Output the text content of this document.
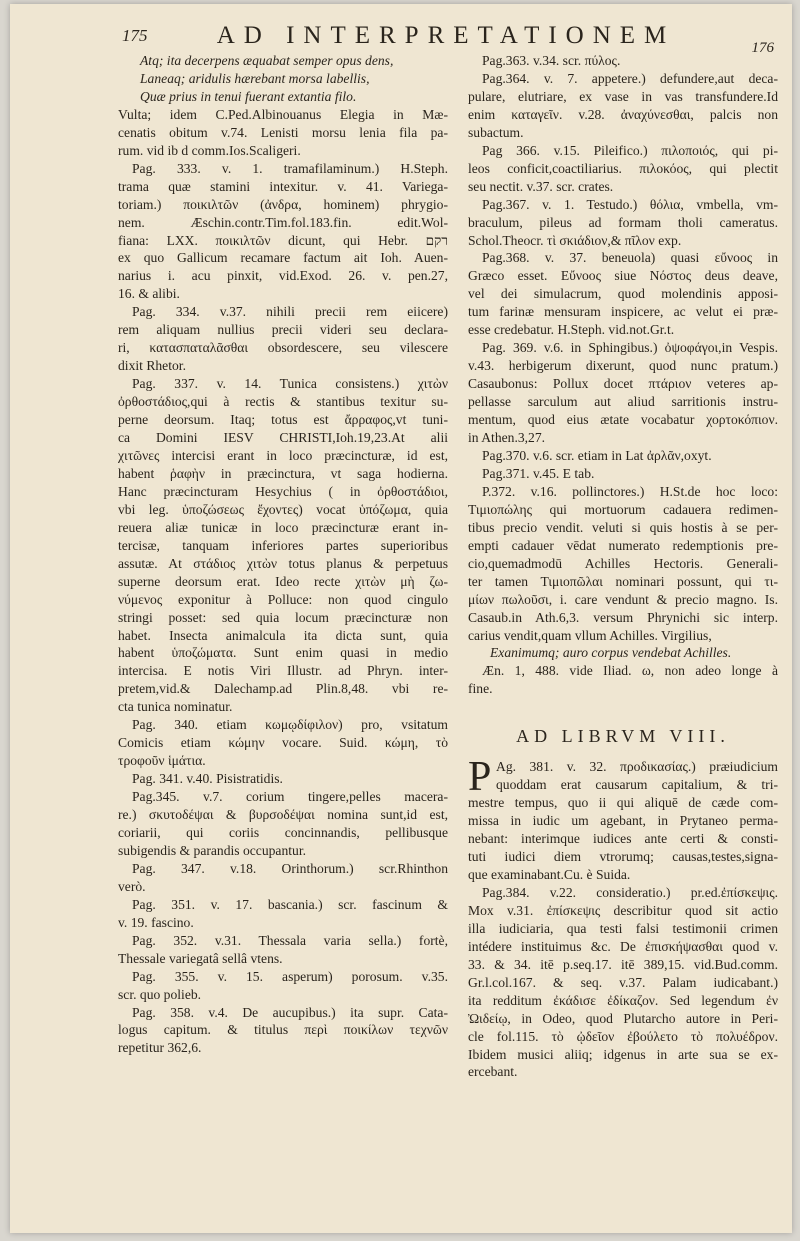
175	AD INTERPRETATIONEM	176
Atq; ita decerpens æquabat semper opus dens,
Laneaq; aridulis hærebant morsa labellis,
Quæ prius in tenui fuerant extantia filo.
Vulta; idem C.Ped.Albinouanus Elegia in Mæ-
cenatis obitum v.74. Lenisti morsu lenia fila pa-
rum. vid ib d comm.Ios.Scaligeri.
Pag. 333. v. 1. tramafilaminum.) H.Steph.
trama quæ stamini intexitur. v. 41. Variega-
toriam.) ποικιλτῶν (ἀνδρα, hominem) phrygio-
nem. Æschin.contr.Tim.fol.183.fin. edit.Wol-
fiana: LXX. ποικιλτῶν dicunt, qui Hebr. רקם
ex quo Gallicum recamare factum ait Ioh. Auen-
narius i. acu pinxit, vid.Exod. 26. v. pen.27,
16. & alibi.
Pag. 334. v.37. nihili precii rem eiicere)
rem aliquam nullius precii videri seu declara-
ri, κατασπαταλᾶσθαι obsordescere, seu vilescere
dixit Rhetor.
Pag. 337. v. 14. Tunica consistens.) χιτὼν
ὀρθοστάδιος,qui à rectis & stantibus texitur su-
perne deorsum. Itaq; totus est ἄρραφος,vt tuni-
ca Domini IESV CHRISTI,Ioh.19,23.At alii
χιτῶνες intercisi erant in loco præcincturæ, id est,
habent ῥαφὴν in præcinctura, vt saga hodierna.
Hanc præcincturam Hesychius ( in ὀρθοστάδιοι,
vbi leg. ὑποζώσεως ἔχοντες) vocat ὑπόζωμα, quia
reuera aliæ tunicæ in loco præcincturæ erant in-
tercisæ, tanquam inferiores partes superioribus
assutæ. At στάδιος χιτὼν totus planus & perpetuus
superne deorsum erat. Ideo recte χιτὼν μὴ ζω-
νύμενος exponitur à Polluce: non quod cingulo
stringi posset: sed quia locum præcincturæ non
habet. Insecta animalcula ita dicta sunt, quia
habent ὑποζώματα. Sunt enim quasi in medio
intercisa. E notis Viri Illustr. ad Phryn. inter-
pretem,vid.& Dalechamp.ad Plin.8,48. vbi re-
cta tunica nominatur.
Pag. 340. etiam κωμῳδίφιλον) pro, vsitatum
Comicis etiam κώμην vocare. Suid. κώμη, τὸ
τροφοῦν ἱμάτια.
Pag. 341. v.40. Pisistratidis.
Pag.345. v.7. corium tingere,pelles macera-
re.) σκυτοδέψαι & βυρσοδέψαι nomina sunt,id est,
coriarii, qui coriis concinnandis, pellibusque
subigendis & parandis occupantur.
Pag. 347. v.18. Orinthorum.) scr.Rhinthon
verò.
Pag. 351. v. 17. bascania.) scr. fascinum &
v. 19. fascino.
Pag. 352. v.31. Thessala varia sella.) fortè,
Thessale variegatâ sellâ vtens.
Pag. 355. v. 15. asperum) porosum. v.35.
scr. quo polieb.
Pag. 358. v.4. De aucupibus.) ita supr. Cata-
logus capitum. & titulus περὶ ποικίλων τεχνῶν
repetitur 362,6.
Pag.363. v.34. scr. πύλος.
Pag.364. v. 7. appetere.) defundere,aut deca-
pulare, elutriare, ex vase in vas transfundere.Id
enim καταγεῖν. v.28. ἀναχύνεσθαι, palcis non
subactum.
Pag 366. v.15. Pileifico.) πιλοποιός, qui pi-
leos conficit,coactiliarius. πιλοκόος, qui plectit
seu nectit. v.37. scr. crates.
Pag.367. v. 1. Testudo.) θόλια, vmbella, vm-
braculum, pileus ad formam tholi cameratus.
Schol.Theocr. τὶ σκιάδιον,& πῖλον exp.
Pag.368. v. 37. beneuola) quasi εὔνοος in
Græco esset. Εὔνοος siue Νόστος deus deave,
vel dei simulacrum, quod molendinis apposi-
tum farinæ mensuram inspicere, ac velut ei præ-
esse credebatur. H.Steph. vid.not.Gr.t.
Pag. 369. v.6. in Sphingibus.) ὀψοφάγοι,in Vespis.
v.43. herbigerum dixerunt, quod nunc pratum.)
Casaubonus: Pollux docet πτάριον veteres ap-
pellasse sarculum aut aliud sarritionis instru-
mentum, quod eius ætate vocabatur χορτοκόπιον.
in Athen.3,27.
Pag.370. v.6. scr. etiam in Lat ἀρλᾶν,oxyt.
Pag.371. v.45. E tab.
P.372. v.16. pollinctores.) H.St.de hoc loco:
Τιμιοπώλης qui mortuorum cadauera redimen-
tibus precio vendit. veluti si quis hostis à se per-
empti cadauer vēdat numerato redemptionis pre-
cio,quemadmodū Achilles Hectoris. Generali-
ter tamen Τιμιοπῶλαι nominari possunt, qui τι-
μίων πωλοῦσι, i. care vendunt & precio magno. Is.
Casaub.in Ath.6,3. versum Phrynichi sic interp.
carius vendit,quam vllum Achilles. Virgilius,
Exanimumq; auro corpus vendebat Achilles.
Æn. 1, 488. vide Iliad. ω, non adeo longe à
fine.
AD LIBRVM VIII.
P Ag. 381. v. 32. προδικασίας.) præiudicium
quoddam erat causarum capitalium, & tri-
mestre tempus, quo ii qui aliquē de cæde com-
missa in iudic um agebant, in Prytaneo perma-
nebant: interimque iudices ante certi & consti-
tuti iudici diem vtrorumq; causas,testes,signa-
que examinabant.Cu. è Suida.
Pag.384. v.22. consideratio.) pr.ed.ἐπίσκεψις.
Mox v.31. ἐπίσκεψις describitur quod sit actio
illa iudiciaria, qua testi falsi testimonii crimen
intédere instituimus &c. De ἐπισκήψασθαι quod v.
33. & 34. itē p.seq.17. itē 389,15. vid.Bud.comm.
Gr.l.col.167. & seq. v.37. Palam iudicabant.)
ita redditum ἐκάδισε ἐδίκαζον. Sed legendum ἐν
Ὠιδείῳ, in Odeo, quod Plutarcho autore in Peri-
cle fol.115. τὸ ᾠδεῖον ἐβούλετο τὸ πολυέδρον.
Ibidem musici aliiq; idgenus in arte sua se ex-
ercebant.
